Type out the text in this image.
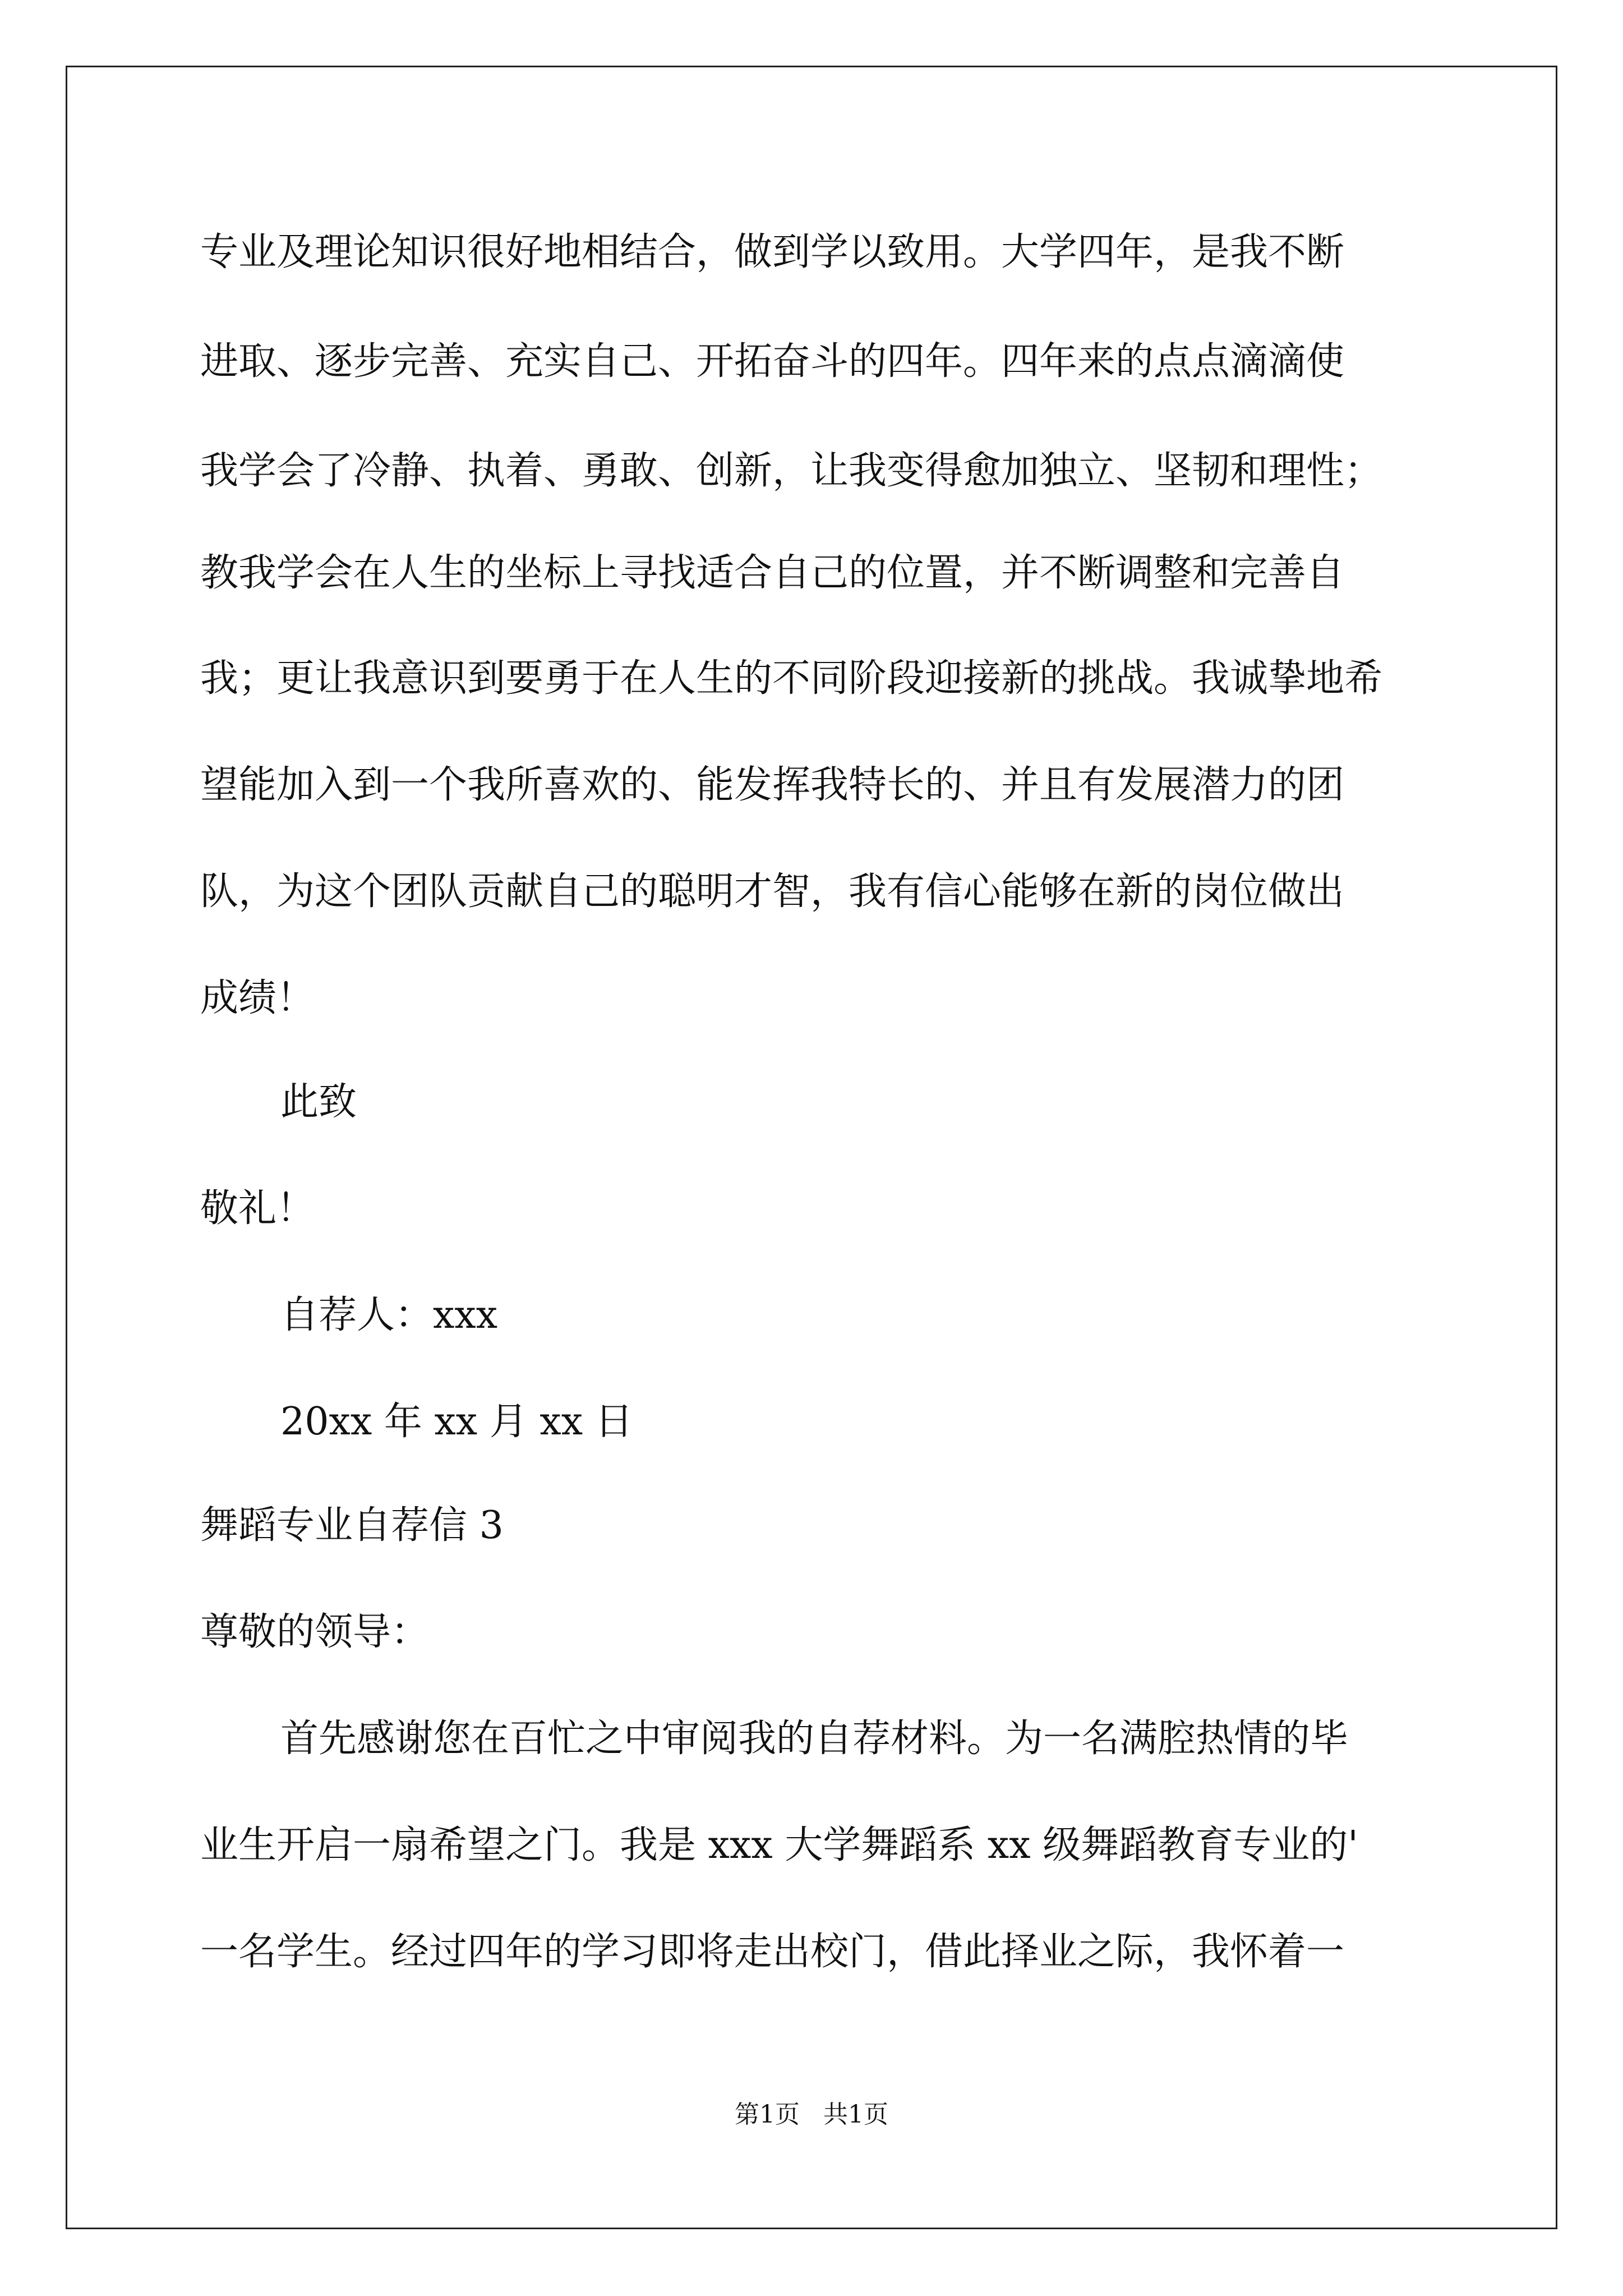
专业及理论知识很好地相结合，做到学以致用。大学四年，是我不断
进取、逐步完善、充实自己、开拓奋斗的四年。四年来的点点滴滴使
我学会了冷静、执着、勇敢、创新，让我变得愈加独立、坚韧和理性；
教我学会在人生的坐标上寻找适合自己的位置，并不断调整和完善自
我；更让我意识到要勇于在人生的不同阶段迎接新的挑战。我诚挚地希
望能加入到一个我所喜欢的、能发挥我特长的、并且有发展潜力的团
队，为这个团队贡献自己的聪明才智，我有信心能够在新的岗位做出
成绩！
此致
敬礼！
自荐人：xxx
20xx 年 xx 月 xx 日
舞蹈专业自荐信 3
尊敬的领导：
首先感谢您在百忙之中审阅我的自荐材料。为一名满腔热情的毕
业生开启一扇希望之门。我是 xxx 大学舞蹈系 xx 级舞蹈教育专业的'
一名学生。经过四年的学习即将走出校门，借此择业之际，我怀着一
第1页   共1页
